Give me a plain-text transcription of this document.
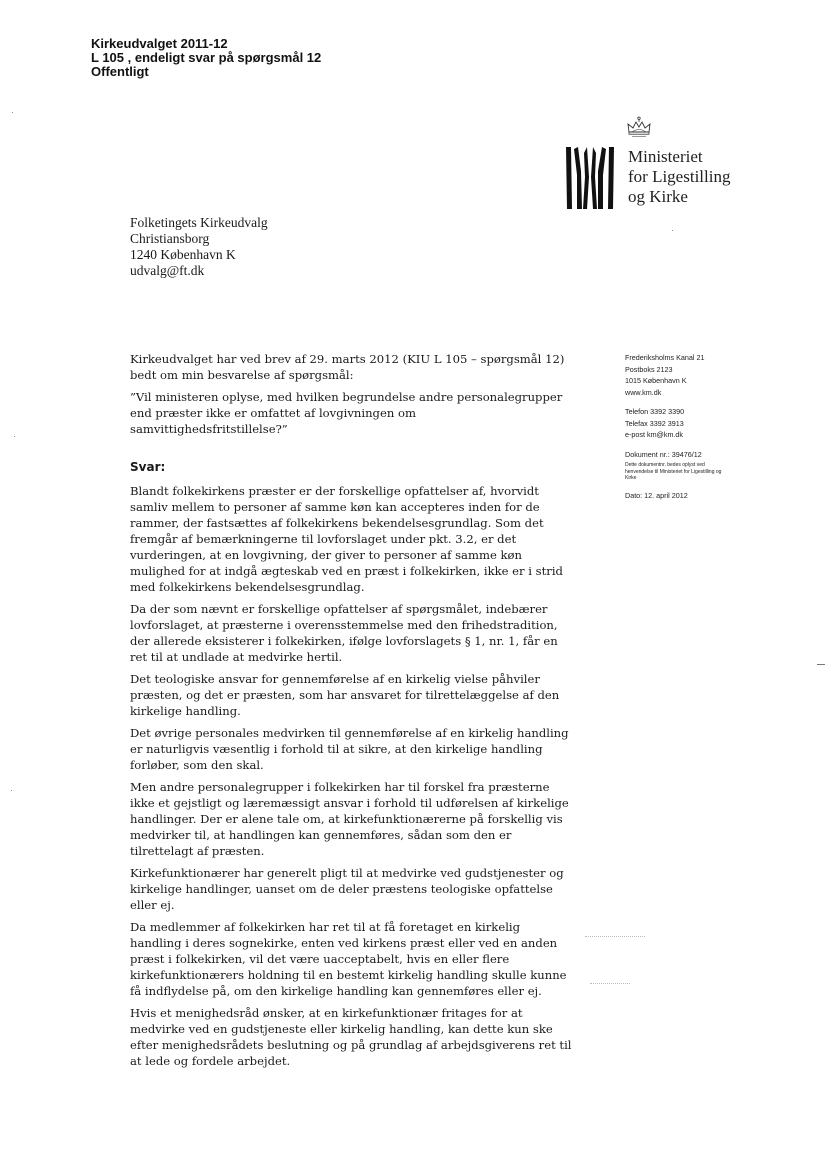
Kirkeudvalget 2011-12
L 105 , endeligt svar på spørgsmål 12
Offentligt
Ministeriet
for Ligestilling
og Kirke
Folketingets Kirkeudvalg
Christiansborg
1240 København K
udvalg@ft.dk
Frederiksholms Kanal 21
Postboks 2123
1015 København K
www.km.dk
Telefon 3392 3390
Telefax 3392 3913
e-post km@km.dk
Dokument nr.: 39476/12
Dette dokumentnr. bedes oplyst ved henvendelse til Ministeriet for Ligestilling og Kirke
Dato: 12. april 2012

Kirkeudvalget har ved brev af 29. marts 2012 (KIU L 105 – spørgsmål 12) bedt om min besvarelse af spørgsmål:

”Vil ministeren oplyse, med hvilken begrundelse andre personalegrupper end præster ikke er omfattet af lovgivningen om samvittighedsfritstillelse?”

Svar:

Blandt folkekirkens præster er der forskellige opfattelser af, hvorvidt samliv mellem to personer af samme køn kan accepteres inden for de rammer, der fastsættes af folkekirkens bekendelsesgrundlag. Som det fremgår af bemærkningerne til lovforslaget under pkt. 3.2, er det vurderingen, at en lovgivning, der giver to personer af samme køn mulighed for at indgå ægteskab ved en præst i folkekirken, ikke er i strid med folkekirkens bekendelsesgrundlag.

Da der som nævnt er forskellige opfattelser af spørgsmålet, indebærer lovforslaget, at præsterne i overensstemmelse med den frihedstradition, der allerede eksisterer i folkekirken, ifølge lovforslagets § 1, nr. 1, får en ret til at undlade at medvirke hertil.

Det teologiske ansvar for gennemførelse af en kirkelig vielse påhviler præsten, og det er præsten, som har ansvaret for tilrettelæggelse af den kirkelige handling.

Det øvrige personales medvirken til gennemførelse af en kirkelig handling er naturligvis væsentlig i forhold til at sikre, at den kirkelige handling forløber, som den skal.

Men andre personalegrupper i folkekirken har til forskel fra præsterne ikke et gejstligt og læremæssigt ansvar i forhold til udførelsen af kirkelige handlinger. Der er alene tale om, at kirkefunktionærerne på forskellig vis medvirker til, at handlingen kan gennemføres, sådan som den er tilrettelagt af præsten.

Kirkefunktionærer har generelt pligt til at medvirke ved gudstjenester og kirkelige handlinger, uanset om de deler præstens teologiske opfattelse eller ej.

Da medlemmer af folkekirken har ret til at få foretaget en kirkelig handling i deres sognekirke, enten ved kirkens præst eller ved en anden præst i folkekirken, vil det være uacceptabelt, hvis en eller flere kirkefunktionærers holdning til en bestemt kirkelig handling skulle kunne få indflydelse på, om den kirkelige handling kan gennemføres eller ej.

Hvis et menighedsråd ønsker, at en kirkefunktionær fritages for at medvirke ved en gudstjeneste eller kirkelig handling, kan dette kun ske efter menighedsrådets beslutning og på grundlag af arbejdsgiverens ret til at lede og fordele arbejdet.
